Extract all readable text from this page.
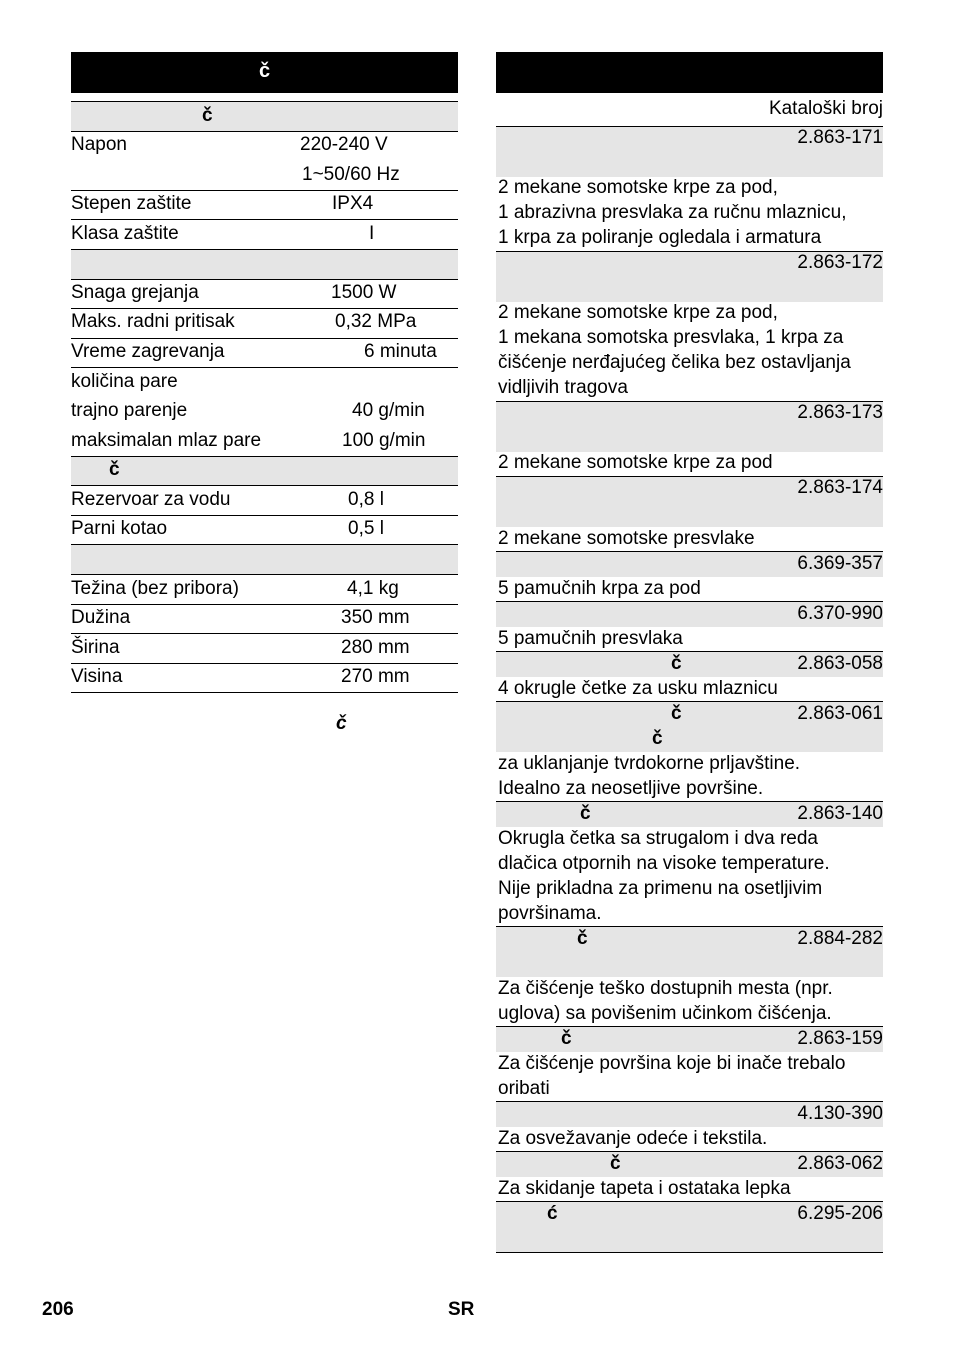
č
č
Napon	220-240 V
1~50/60 Hz
Stepen zaštite	IPX4
Klasa zaštite	I
Snaga grejanja	1500 W
Maks. radni pritisak	0,32 MPa
Vreme zagrevanja	6 minuta
količina pare
trajno parenje	40 g/min
maksimalan mlaz pare	100 g/min
č
Rezervoar za vodu	0,8 l
Parni kotao	0,5 l
Težina (bez pribora)	4,1 kg
Dužina	350 mm
Širina	280 mm
Visina	270 mm
č
Kataloški broj
2.863-171
2 mekane somotske krpe za pod,
1 abrazivna presvlaka za ručnu mlaznicu,
1 krpa za poliranje ogledala i armatura
2.863-172
2 mekane somotske krpe za pod,
1 mekana somotska presvlaka, 1 krpa za
čišćenje nerđajućeg čelika bez ostavljanja
vidljivih tragova
2.863-173
2 mekane somotske krpe za pod
2.863-174
2 mekane somotske presvlake
6.369-357
5 pamučnih krpa za pod
6.370-990
5 pamučnih presvlaka
č	2.863-058
4 okrugle četke za usku mlaznicu
č
č
2.863-061
za uklanjanje tvrdokorne prljavštine.
Idealno za neosetljive površine.
č	2.863-140
Okrugla četka sa strugalom i dva reda
dlačica otpornih na visoke temperature.
Nije prikladna za primenu na osetljivim
površinama.
č	2.884-282
Za čišćenje teško dostupnih mesta (npr.
uglova) sa povišenim učinkom čišćenja.
č	2.863-159
Za čišćenje površina koje bi inače trebalo
oribati
4.130-390
Za osvežavanje odeće i tekstila.
č	2.863-062
Za skidanje tapeta i ostataka lepka
ć	6.295-206
206	SR
